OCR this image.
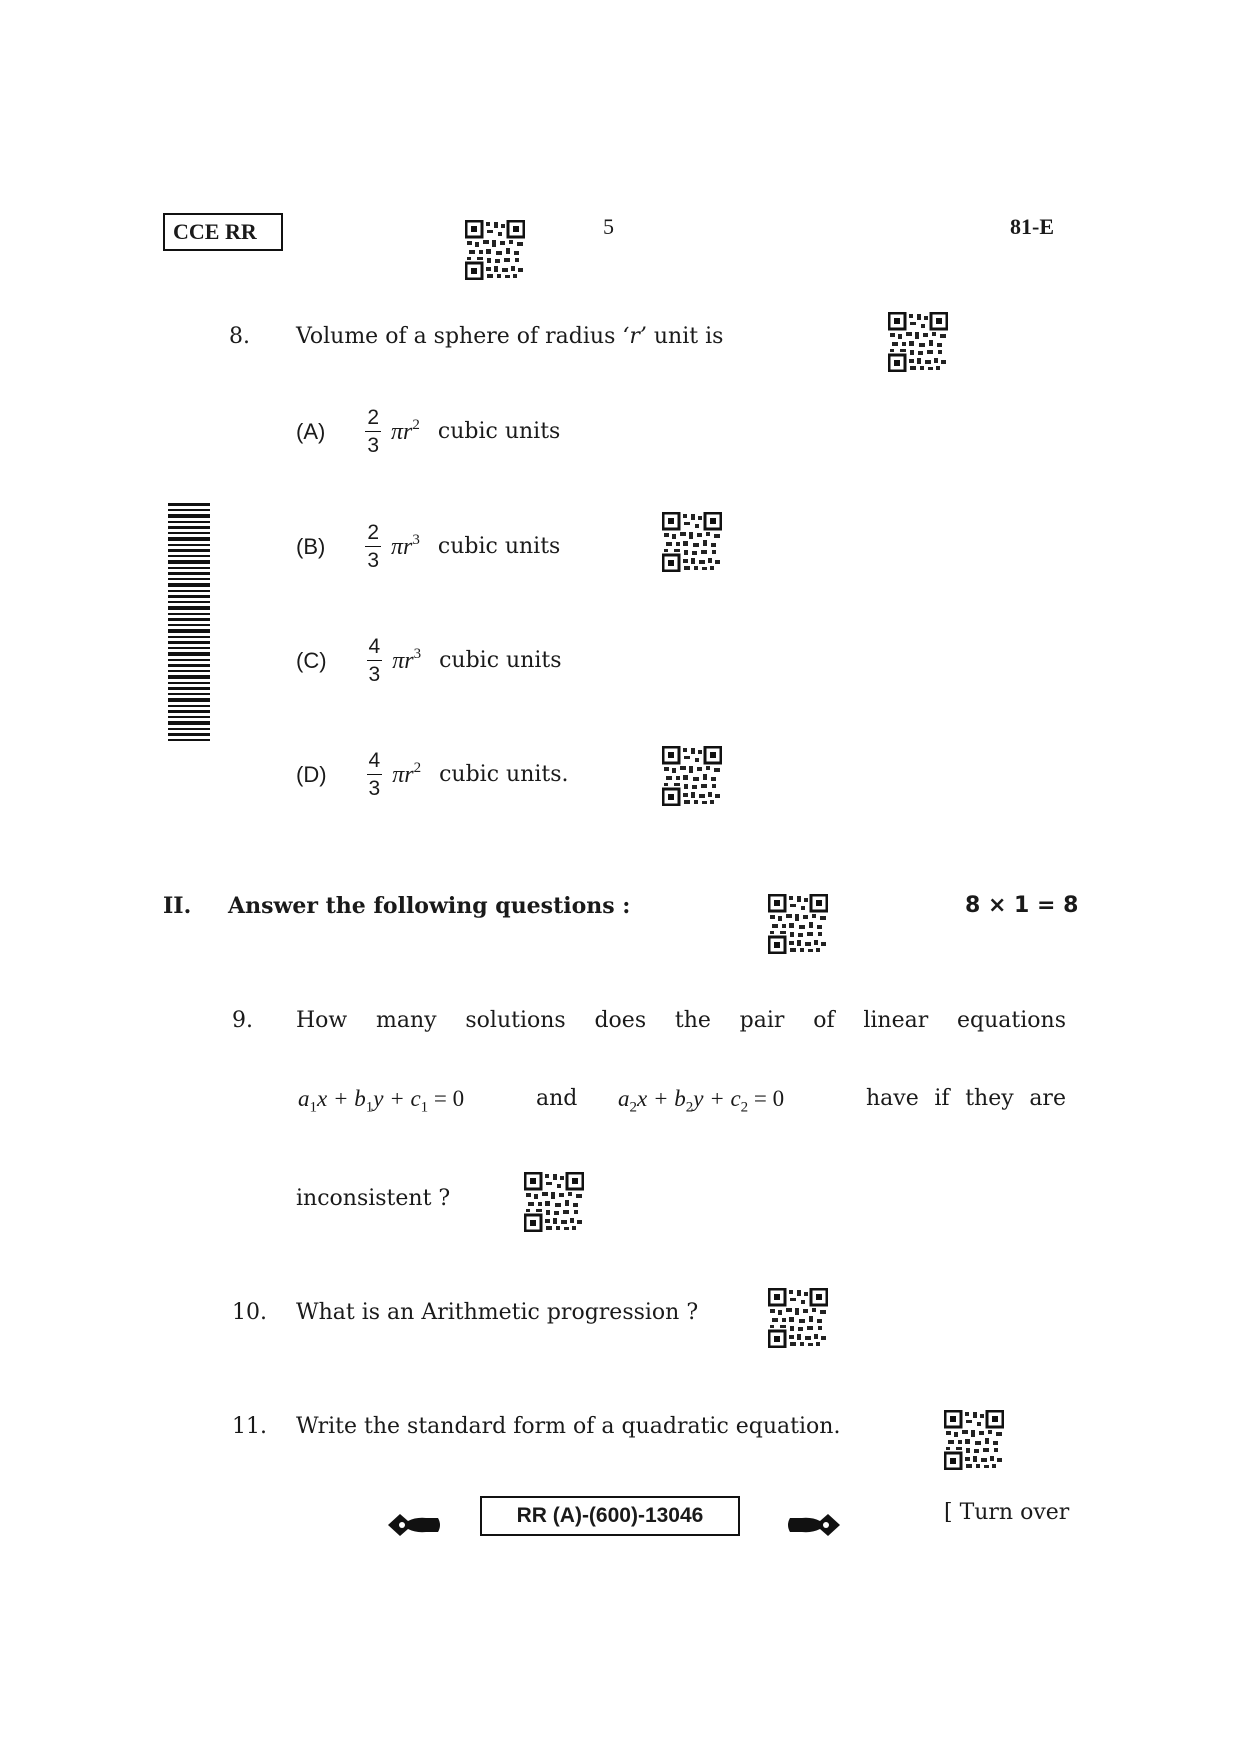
CCE RR	5	81-E
8. Volume of a sphere of radius ‘r’ unit is
$(A) \frac{2}{3} \pi r^2$ cubic units
$(B) \frac{2}{3} \pi r^3$ cubic units
$(C) \frac{4}{3} \pi r^3$ cubic units
$(D) \frac{4}{3} \pi r^2$ cubic units.
II. Answer the following questions :	8 × 1 = 8
9. How many solutions does the pair of linear equations
$a_1x + b_1y + c_1 = 0$	and $a_2x + b_2y + c_2 = 0$	have if they are
inconsistent ?
10. What is an Arithmetic progression ?
11. Write the standard form of a quadratic equation.
RR (A)-(600)-13046	[ Turn over
